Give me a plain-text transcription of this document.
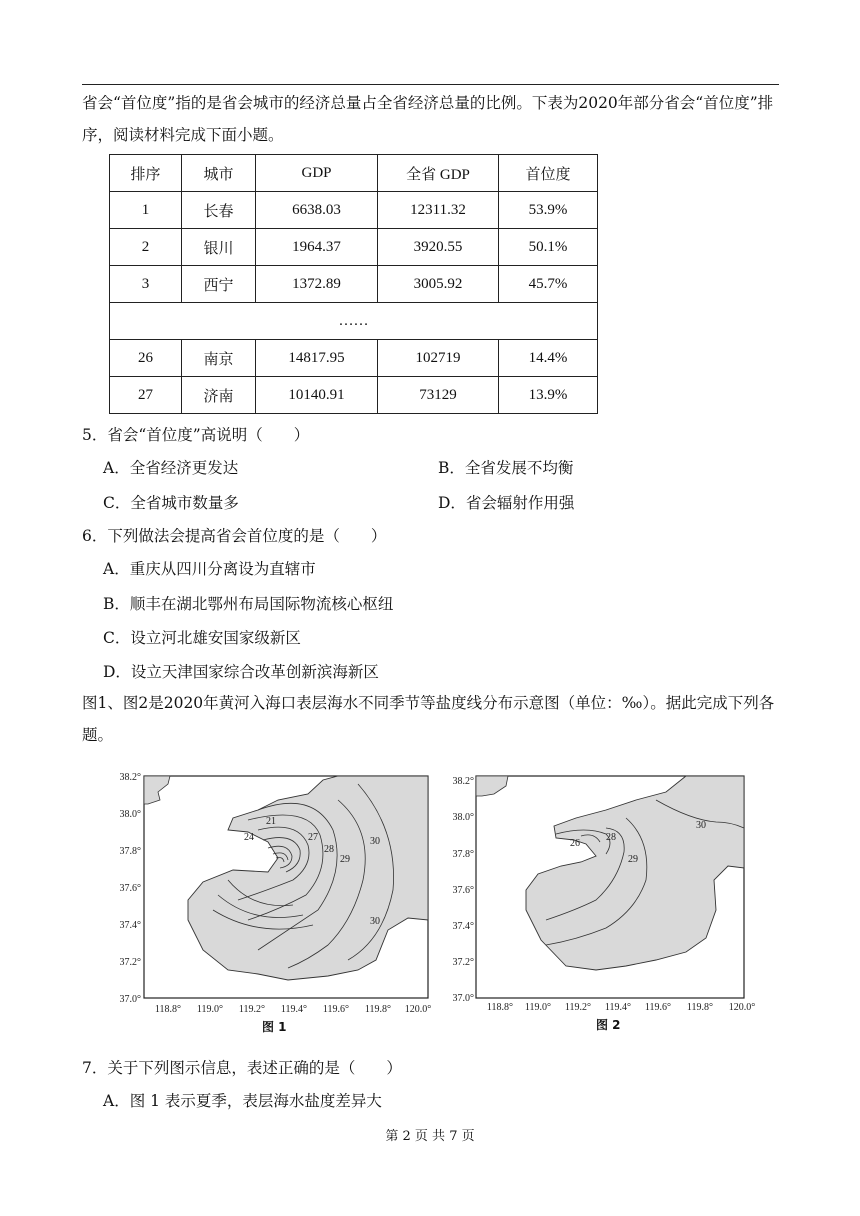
省会“首位度”指的是省会城市的经济总量占全省经济总量的比例。下表为2020年部分省会“首位度”排序，阅读材料完成下面小题。

排序	城市	GDP	全省 GDP	首位度
1	长春	6638.03	12311.32	53.9%
2	银川	1964.37	3920.55	50.1%
3	西宁	1372.89	3005.92	45.7%
……				
26	南京	14817.95	102719	14.4%
27	济南	10140.91	73129	13.9%

5．省会“首位度”高说明（　　）

A．全省经济更发达	B．全省发展不均衡

C．全省城市数量多	D．省会辐射作用强

6．下列做法会提高省会首位度的是（　　）

A．重庆从四川分离设为直辖市

B．顺丰在湖北鄂州布局国际物流核心枢纽

C．设立河北雄安国家级新区

D．设立天津国家综合改革创新滨海新区

图1、图2是2020年黄河入海口表层海水不同季节等盐度线分布示意图（单位：‰）。据此完成下列各题。

24
21
27
28
29
30
30
38.2°
38.0°
37.8°
37.6°
37.4°
37.2°
37.0°
118.8° 119.0° 119.2° 119.4° 119.6° 119.8° 120.0°
图 1
26
28
29
30
38.2°
38.0°
37.8°
37.6°
37.4°
37.2°
37.0°
118.8° 119.0° 119.2° 119.4° 119.6° 119.8° 120.0°
图 2

7．关于下列图示信息，表述正确的是（　　）

A．图 1 表示夏季，表层海水盐度差异大

第 2 页 共 7 页
